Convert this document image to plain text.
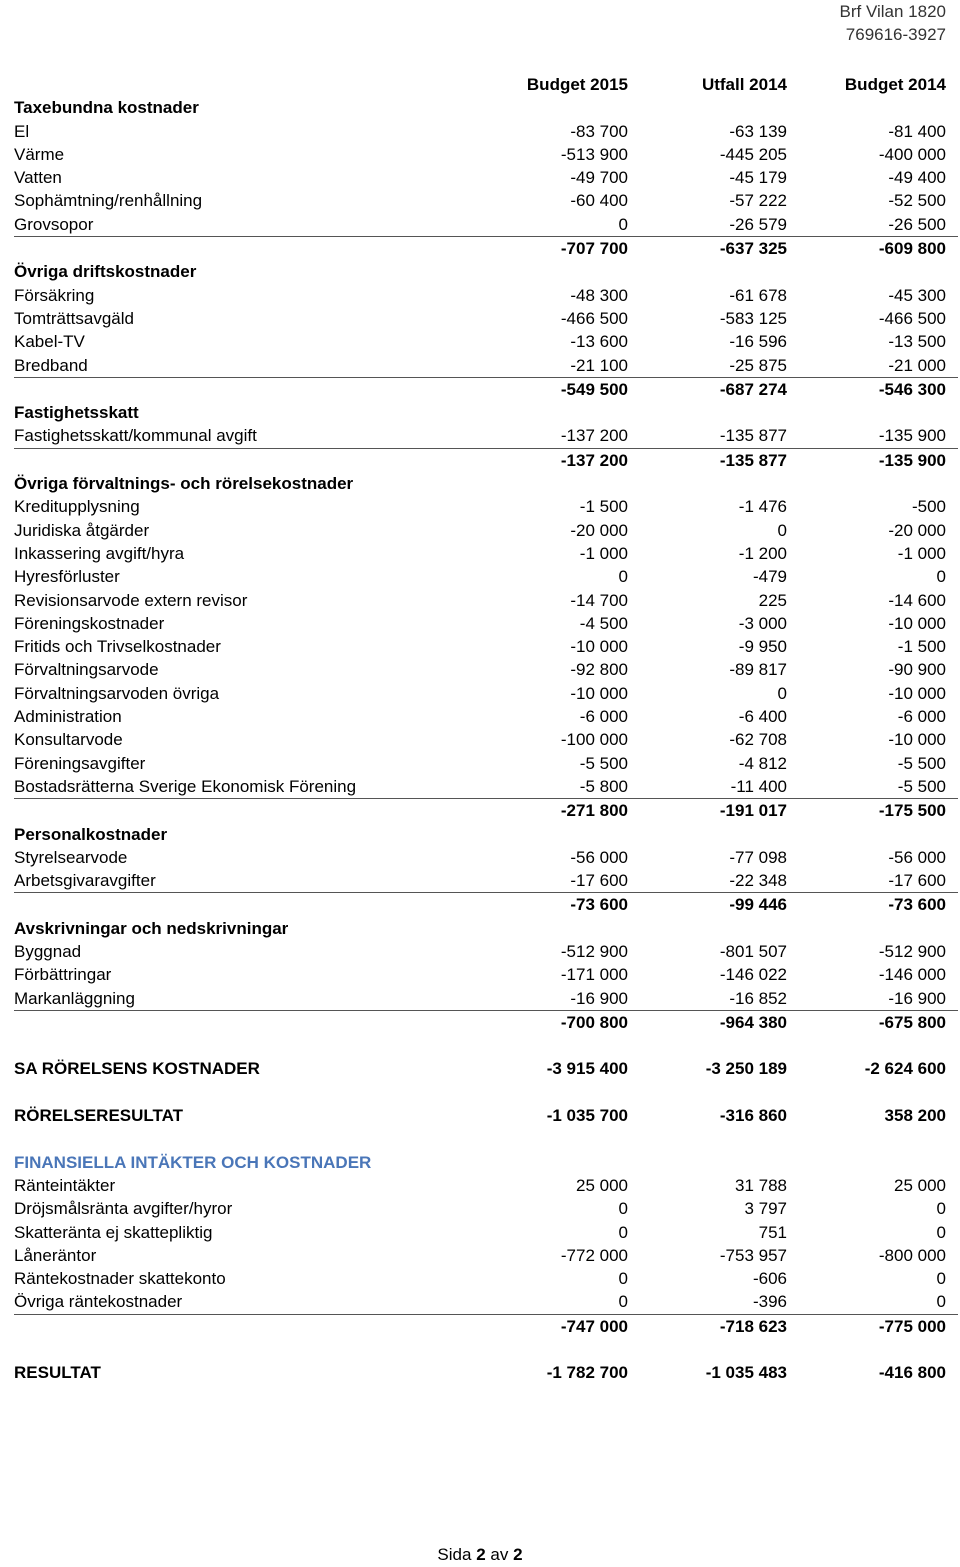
Brf Vilan 1820
769616-3927
Budget 2015	Utfall 2014	Budget 2014
Taxebundna kostnader
El	-83 700	-63 139	-81 400
Värme	-513 900	-445 205	-400 000
Vatten	-49 700	-45 179	-49 400
Sophämtning/renhållning	-60 400	-57 222	-52 500
Grovsopor	0	-26 579	-26 500
-707 700	-637 325	-609 800
Övriga driftskostnader
Försäkring	-48 300	-61 678	-45 300
Tomträttsavgäld	-466 500	-583 125	-466 500
Kabel-TV	-13 600	-16 596	-13 500
Bredband	-21 100	-25 875	-21 000
-549 500	-687 274	-546 300
Fastighetsskatt
Fastighetsskatt/kommunal avgift	-137 200	-135 877	-135 900
-137 200	-135 877	-135 900
Övriga förvaltnings- och rörelsekostnader
Kreditupplysning	-1 500	-1 476	-500
Juridiska åtgärder	-20 000	0	-20 000
Inkassering avgift/hyra	-1 000	-1 200	-1 000
Hyresförluster	0	-479	0
Revisionsarvode extern revisor	-14 700	225	-14 600
Föreningskostnader	-4 500	-3 000	-10 000
Fritids och Trivselkostnader	-10 000	-9 950	-1 500
Förvaltningsarvode	-92 800	-89 817	-90 900
Förvaltningsarvoden övriga	-10 000	0	-10 000
Administration	-6 000	-6 400	-6 000
Konsultarvode	-100 000	-62 708	-10 000
Föreningsavgifter	-5 500	-4 812	-5 500
Bostadsrätterna Sverige Ekonomisk Förening	-5 800	-11 400	-5 500
-271 800	-191 017	-175 500
Personalkostnader
Styrelsearvode	-56 000	-77 098	-56 000
Arbetsgivaravgifter	-17 600	-22 348	-17 600
-73 600	-99 446	-73 600
Avskrivningar och nedskrivningar
Byggnad	-512 900	-801 507	-512 900
Förbättringar	-171 000	-146 022	-146 000
Markanläggning	-16 900	-16 852	-16 900
-700 800	-964 380	-675 800
SA RÖRELSENS KOSTNADER	-3 915 400	-3 250 189	-2 624 600
RÖRELSERESULTAT	-1 035 700	-316 860	358 200
FINANSIELLA INTÄKTER OCH KOSTNADER
Ränteintäkter	25 000	31 788	25 000
Dröjsmålsränta avgifter/hyror	0	3 797	0
Skatteränta ej skattepliktig	0	751	0
Låneräntor	-772 000	-753 957	-800 000
Räntekostnader skattekonto	0	-606	0
Övriga räntekostnader	0	-396	0
-747 000	-718 623	-775 000
RESULTAT	-1 782 700	-1 035 483	-416 800
Sida 2 av 2
